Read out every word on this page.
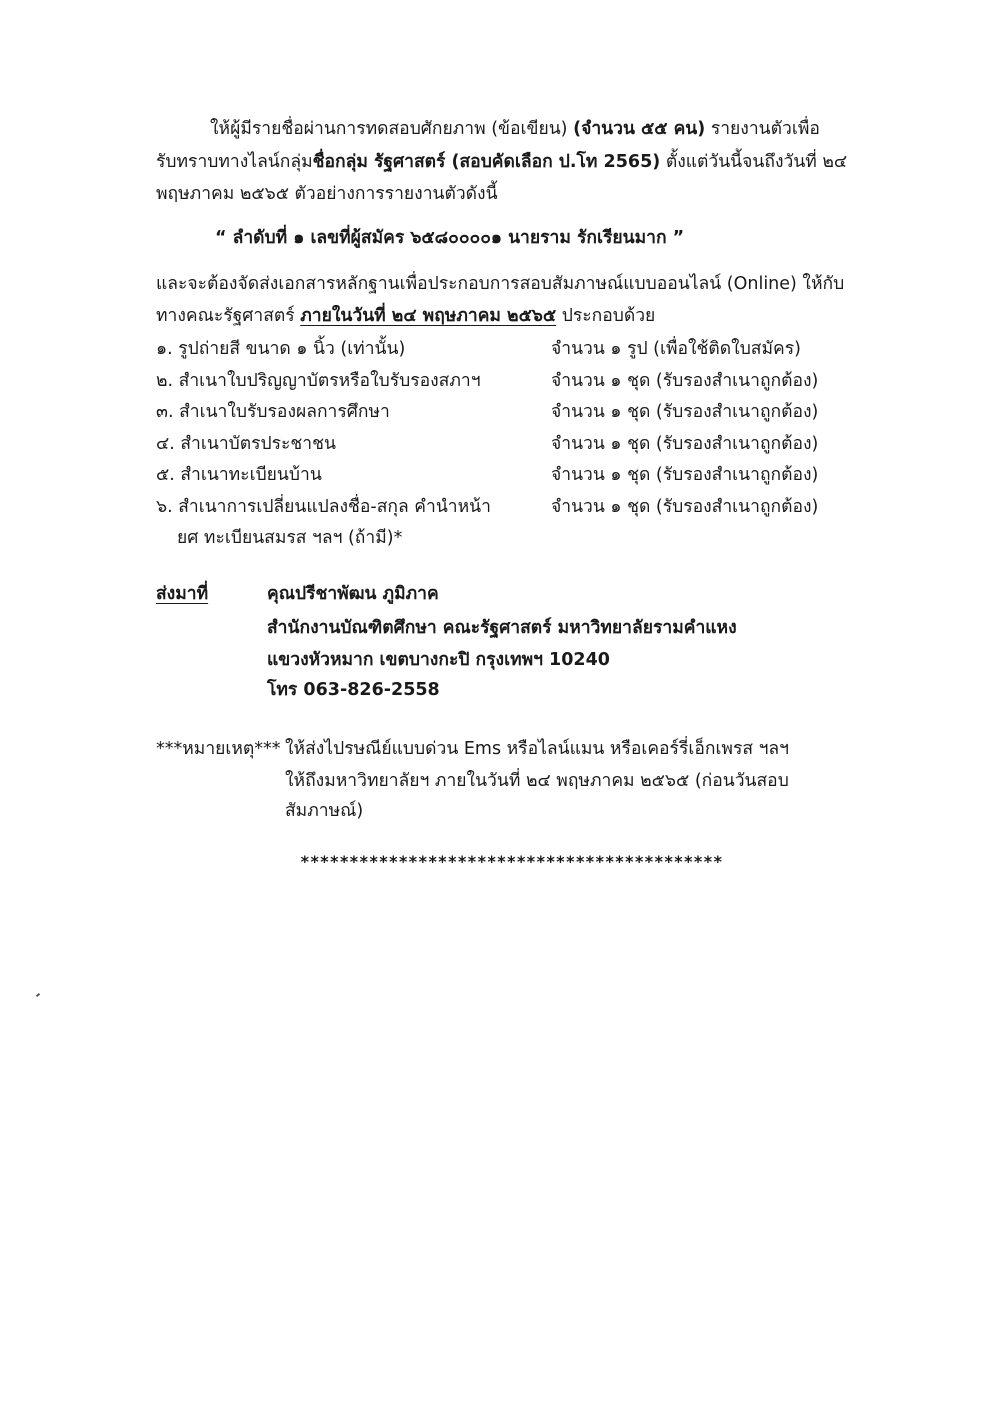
ให้ผู้มีรายชื่อผ่านการทดสอบศักยภาพ (ข้อเขียน) (จำนวน ๕๕ คน) รายงานตัวเพื่อ
รับทราบทางไลน์กลุ่มชื่อกลุ่ม รัฐศาสตร์ (สอบคัดเลือก ป.โท 2565) ตั้งแต่วันนี้จนถึงวันที่ ๒๔
พฤษภาคม ๒๕๖๕ ตัวอย่างการรายงานตัวดังนี้
“ ลำดับที่ ๑ เลขที่ผู้สมัคร ๖๕๘๐๐๐๐๑ นายราม รักเรียนมาก ”
และจะต้องจัดส่งเอกสารหลักฐานเพื่อประกอบการสอบสัมภาษณ์แบบออนไลน์ (Online) ให้กับ
ทางคณะรัฐศาสตร์ ภายในวันที่ ๒๔ พฤษภาคม ๒๕๖๕ ประกอบด้วย
๑. รูปถ่ายสี ขนาด ๑ นิ้ว (เท่านั้น)	จำนวน ๑ รูป (เพื่อใช้ติดใบสมัคร)
๒. สำเนาใบปริญญาบัตรหรือใบรับรองสภาฯ	จำนวน ๑ ชุด (รับรองสำเนาถูกต้อง)
๓. สำเนาใบรับรองผลการศึกษา	จำนวน ๑ ชุด (รับรองสำเนาถูกต้อง)
๔. สำเนาบัตรประชาชน	จำนวน ๑ ชุด (รับรองสำเนาถูกต้อง)
๕. สำเนาทะเบียนบ้าน	จำนวน ๑ ชุด (รับรองสำเนาถูกต้อง)
๖. สำเนาการเปลี่ยนแปลงชื่อ-สกุล คำนำหน้า	จำนวน ๑ ชุด (รับรองสำเนาถูกต้อง)
ยศ ทะเบียนสมรส ฯลฯ (ถ้ามี)*
ส่งมาที่	คุณปรีชาพัฒน ภูมิภาค
สำนักงานบัณฑิตศึกษา คณะรัฐศาสตร์ มหาวิทยาลัยรามคำแหง
แขวงหัวหมาก เขตบางกะปิ กรุงเทพฯ 10240
โทร 063-826-2558
***หมายเหตุ*** ให้ส่งไปรษณีย์แบบด่วน Ems หรือไลน์แมน หรือเคอร์รี่เอ็กเพรส ฯลฯ
ให้ถึงมหาวิทยาลัยฯ ภายในวันที่ ๒๔ พฤษภาคม ๒๕๖๕ (ก่อนวันสอบ
สัมภาษณ์)
*******************************************
